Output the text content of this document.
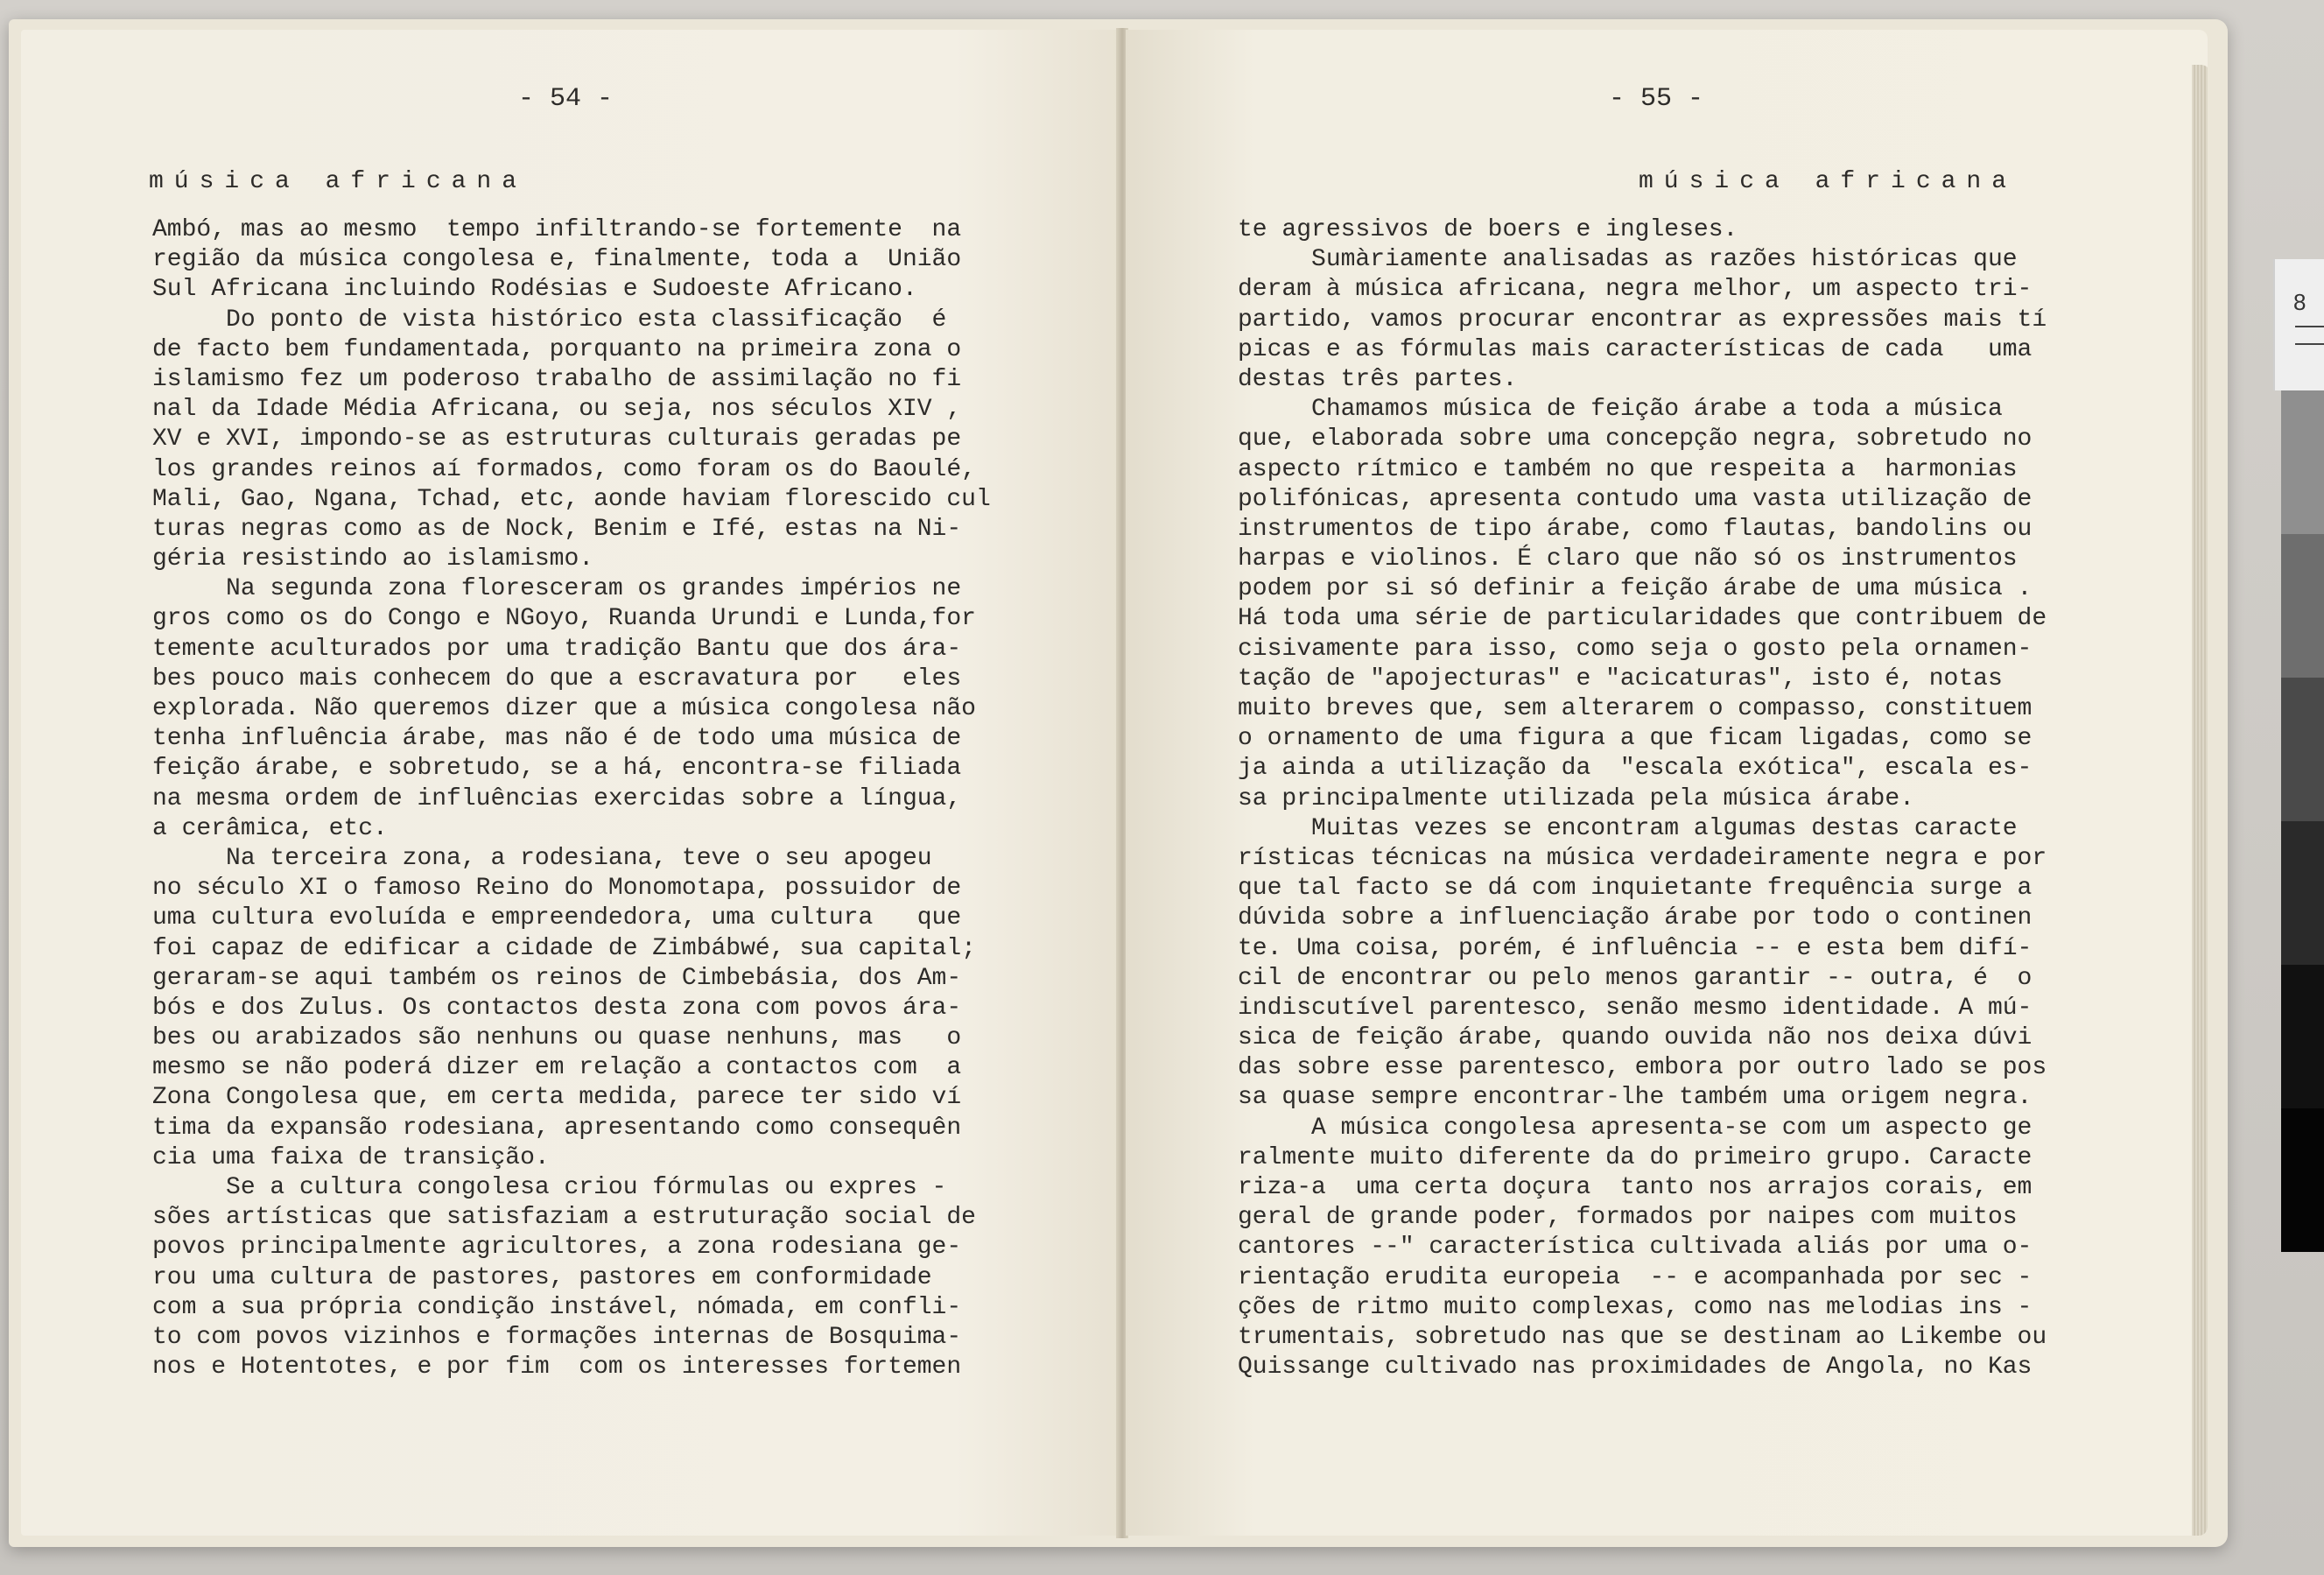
- 54 -
música africana
Ambó, mas ao mesmo  tempo infiltrando-se fortemente  na
região da música congolesa e, finalmente, toda a  União
Sul Africana incluindo Rodésias e Sudoeste Africano.
Do ponto de vista histórico esta classificação  é
de facto bem fundamentada, porquanto na primeira zona o
islamismo fez um poderoso trabalho de assimilação no fi
nal da Idade Média Africana, ou seja, nos séculos XIV ,
XV e XVI, impondo-se as estruturas culturais geradas pe
los grandes reinos aí formados, como foram os do Baoulé,
Mali, Gao, Ngana, Tchad, etc, aonde haviam florescido cul
turas negras como as de Nock, Benim e Ifé, estas na Ni-
géria resistindo ao islamismo.
Na segunda zona floresceram os grandes impérios ne
gros como os do Congo e NGoyo, Ruanda Urundi e Lunda,for
temente aculturados por uma tradição Bantu que dos ára-
bes pouco mais conhecem do que a escravatura por   eles
explorada. Não queremos dizer que a música congolesa não
tenha influência árabe, mas não é de todo uma música de
feição árabe, e sobretudo, se a há, encontra-se filiada
na mesma ordem de influências exercidas sobre a língua,
a cerâmica, etc.
Na terceira zona, a rodesiana, teve o seu apogeu
no século XI o famoso Reino do Monomotapa, possuidor de
uma cultura evoluída e empreendedora, uma cultura   que
foi capaz de edificar a cidade de Zimbábwé, sua capital;
geraram-se aqui também os reinos de Cimbebásia, dos Am-
bós e dos Zulus. Os contactos desta zona com povos ára-
bes ou arabizados são nenhuns ou quase nenhuns, mas   o
mesmo se não poderá dizer em relação a contactos com  a
Zona Congolesa que, em certa medida, parece ter sido ví
tima da expansão rodesiana, apresentando como consequên
cia uma faixa de transição.
Se a cultura congolesa criou fórmulas ou expres -
sões artísticas que satisfaziam a estruturação social de
povos principalmente agricultores, a zona rodesiana ge-
rou uma cultura de pastores, pastores em conformidade
com a sua própria condição instável, nómada, em confli-
to com povos vizinhos e formações internas de Bosquima-
nos e Hotentotes, e por fim  com os interesses fortemen
- 55 -
música africana
te agressivos de boers e ingleses.
Sumàriamente analisadas as razões históricas que
deram à música africana, negra melhor, um aspecto tri-
partido, vamos procurar encontrar as expressões mais tí
picas e as fórmulas mais características de cada   uma
destas três partes.
Chamamos música de feição árabe a toda a música
que, elaborada sobre uma concepção negra, sobretudo no
aspecto rítmico e também no que respeita a  harmonias
polifónicas, apresenta contudo uma vasta utilização de
instrumentos de tipo árabe, como flautas, bandolins ou
harpas e violinos. É claro que não só os instrumentos
podem por si só definir a feição árabe de uma música .
Há toda uma série de particularidades que contribuem de
cisivamente para isso, como seja o gosto pela ornamen-
tação de "apojecturas" e "acicaturas", isto é, notas
muito breves que, sem alterarem o compasso, constituem
o ornamento de uma figura a que ficam ligadas, como se
ja ainda a utilização da  "escala exótica", escala es-
sa principalmente utilizada pela música árabe.
Muitas vezes se encontram algumas destas caracte
rísticas técnicas na música verdadeiramente negra e por
que tal facto se dá com inquietante frequência surge a
dúvida sobre a influenciação árabe por todo o continen
te. Uma coisa, porém, é influência -- e esta bem difí-
cil de encontrar ou pelo menos garantir -- outra, é  o
indiscutível parentesco, senão mesmo identidade. A mú-
sica de feição árabe, quando ouvida não nos deixa dúvi
das sobre esse parentesco, embora por outro lado se pos
sa quase sempre encontrar-lhe também uma origem negra.
A música congolesa apresenta-se com um aspecto ge
ralmente muito diferente da do primeiro grupo. Caracte
riza-a  uma certa doçura  tanto nos arrajos corais, em
geral de grande poder, formados por naipes com muitos
cantores --" característica cultivada aliás por uma o-
rientação erudita europeia  -- e acompanhada por sec -
ções de ritmo muito complexas, como nas melodias ins -
trumentais, sobretudo nas que se destinam ao Likembe ou
Quissange cultivado nas proximidades de Angola, no Kas
8
